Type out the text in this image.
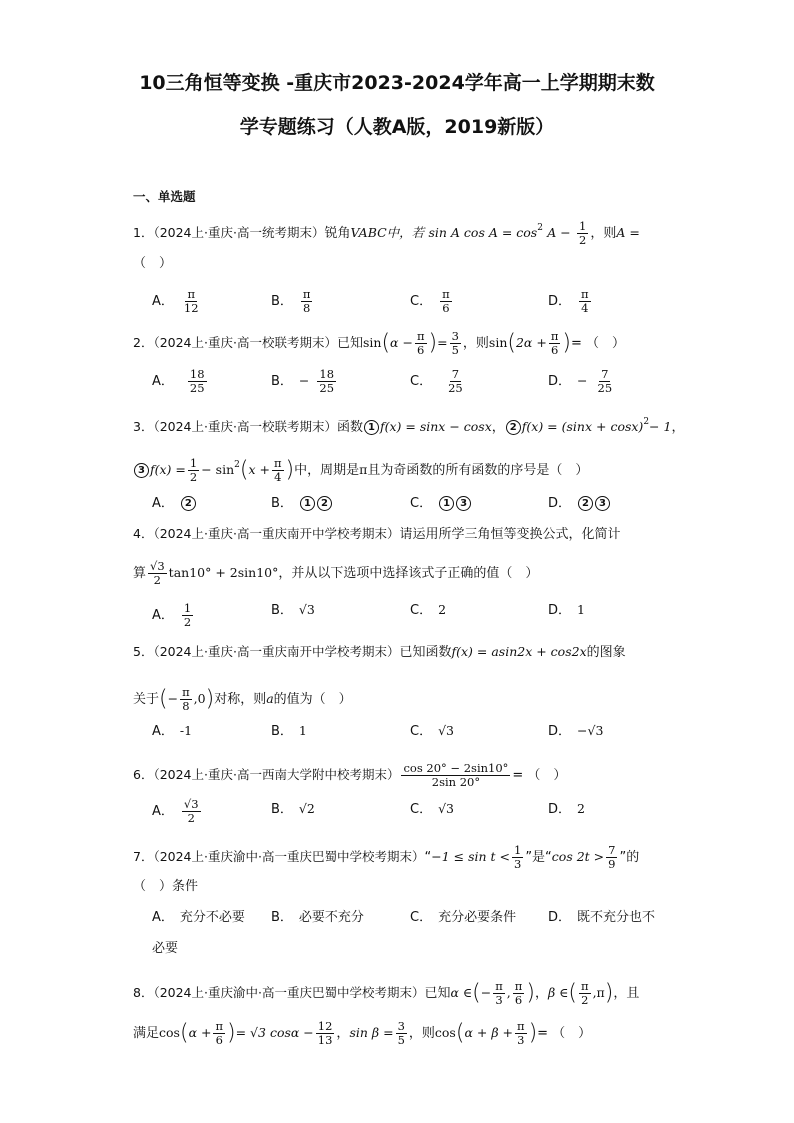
10三角恒等变换 -重庆市2023-2024学年高一上学期期末数
学专题练习（人教A版，2019新版）
一、单选题
1．（2024上·重庆·高一统考期末）锐角VABC中，若 sin A $\cos A = \cos^2 A - \frac{1}{2}$ ，则A =
（　）
A． $\frac{\pi}{12}$	B． $\frac{\pi}{8}$	C． $\frac{\pi}{6}$	D． $\frac{\pi}{4}$
2．（2024上·重庆·高一校联考期末）已知$\sin(\alpha - \frac{\pi}{6}$ )= $\frac{3}{5}$ ，则$\sin(2\alpha + \frac{\pi}{6}$ )= （　）
A． $\frac{18}{25}$	B． − $\frac{18}{25}$	C． $\frac{7}{25}$	D． − $\frac{7}{25}$
3．（2024上·重庆·高一校联考期末）函数 1 f(x) = sinx − cosx， 2 $f(x) = (\sin x + \cos x)^2- 1$，
3 $f(x) = \frac{1}{2} - \sin^2(x + \frac{\pi}{4}$ )中，周期是π且为奇函数的所有函数的序号是（　）
A．	2	B．	1 2	C．	1 3	D．	2 3
4．（2024上·重庆·高一重庆南开中学校考期末）请运用所学三角恒等变换公式，化简计
算 $\frac{√3}{2} \tan 10^\circ + 2\sin 10^\circ$，并从以下选项中选择该式子正确的值（　）
A． $\frac{1}{2}$	B． √3	C． 2	D． 1
5．（2024上·重庆·高一重庆南开中学校考期末）已知函数f(x) = asin2x + cos2x的图象
关于(− $\frac{\pi}{8} ,0$)对称，则a的值为（　）
A． -1	B． 1	C． √3	D． −√3
6．（2024上·重庆·高一西南大学附中校考期末） $\frac{\cos 20^\circ - 2\sin 10^\circ}{2\sin 20^\circ}$ = （　）
A． $\frac{√3}{2}$	B． √2	C． √3	D． 2
7．（2024上·重庆渝中·高一重庆巴蜀中学校考期末）“−1 ≤ $\sin t < \frac{1}{3}$ ”是“cos $2t > \frac{7}{9}$ ”的
（　）条件
A． 充分不必要 B． 必要不充分	C． 充分必要条件 D． 既不充分也不
必要
8．（2024上·重庆渝中·高一重庆巴蜀中学校考期末）已知α ∈(− $\frac{\pi}{3}$ , $\frac{\pi}{6}$ )，β ∈( $\frac{\pi}{2} ,\pi$)，且
满足$\cos(\alpha + \frac{\pi}{6}$ )= √3 $\cos\alpha - \frac{12}{13}$ ，$\sin \beta = \frac{3}{5}$ ，则$\cos(\alpha + \beta + \frac{\pi}{3}$ )= （　）
